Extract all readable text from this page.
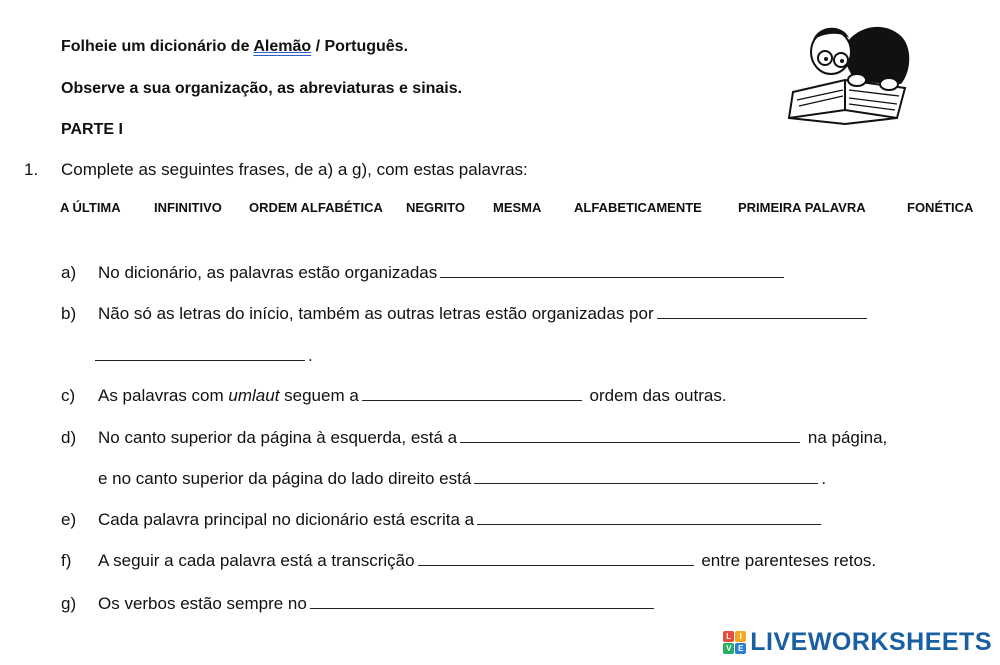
Folheie um dicionário de Alemão / Português.
Observe a sua organização, as abreviaturas e sinais.
PARTE I
1. Complete as seguintes frases, de a) a g), com estas palavras:
A ÚLTIMA	INFINITIVO ORDEM ALFABÉTICA NEGRITO MESMA	ALFABETICAMENTE	PRIMEIRA PALAVRA	FONÉTICA
a) No dicionário, as palavras estão organizadas
b) Não só as letras do início, também as outras letras estão organizadas por
.
c) As palavras com umlaut seguem a	ordem das outras.
d) No canto superior da página à esquerda, está a	na página,
e no canto superior da página do lado direito está	.
e) Cada palavra principal no dicionário está escrita a
f) A seguir a cada palavra está a transcrição	entre parenteses retos.
g) Os verbos estão sempre no
L	I
V E LIVEWORKSHEETS
